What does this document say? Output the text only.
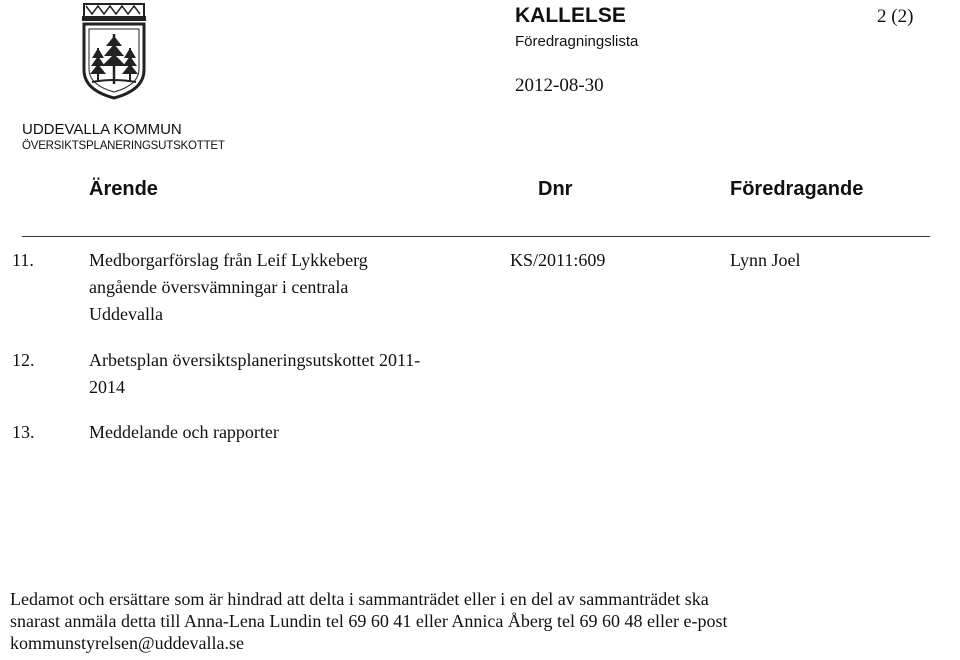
UDDEVALLA KOMMUN
ÖVERSIKTSPLANERINGSUTSKOTTET
KALLELSE
Föredragningslista
2 (2)
2012-08-30
Ärende	Dnr	Föredragande
11.	Medborgarförslag från Leif Lykkeberg
angående översvämningar i centrala
Uddevalla
KS/2011:609	Lynn Joel
12.	Arbetsplan översiktsplaneringsutskottet 2011-
2014
13.	Meddelande och rapporter
Ledamot och ersättare som är hindrad att delta i sammanträdet eller i en del av sammanträdet ska
snarast anmäla detta till Anna-Lena Lundin tel 69 60 41 eller Annica Åberg tel 69 60 48 eller e-post
kommunstyrelsen@uddevalla.se
